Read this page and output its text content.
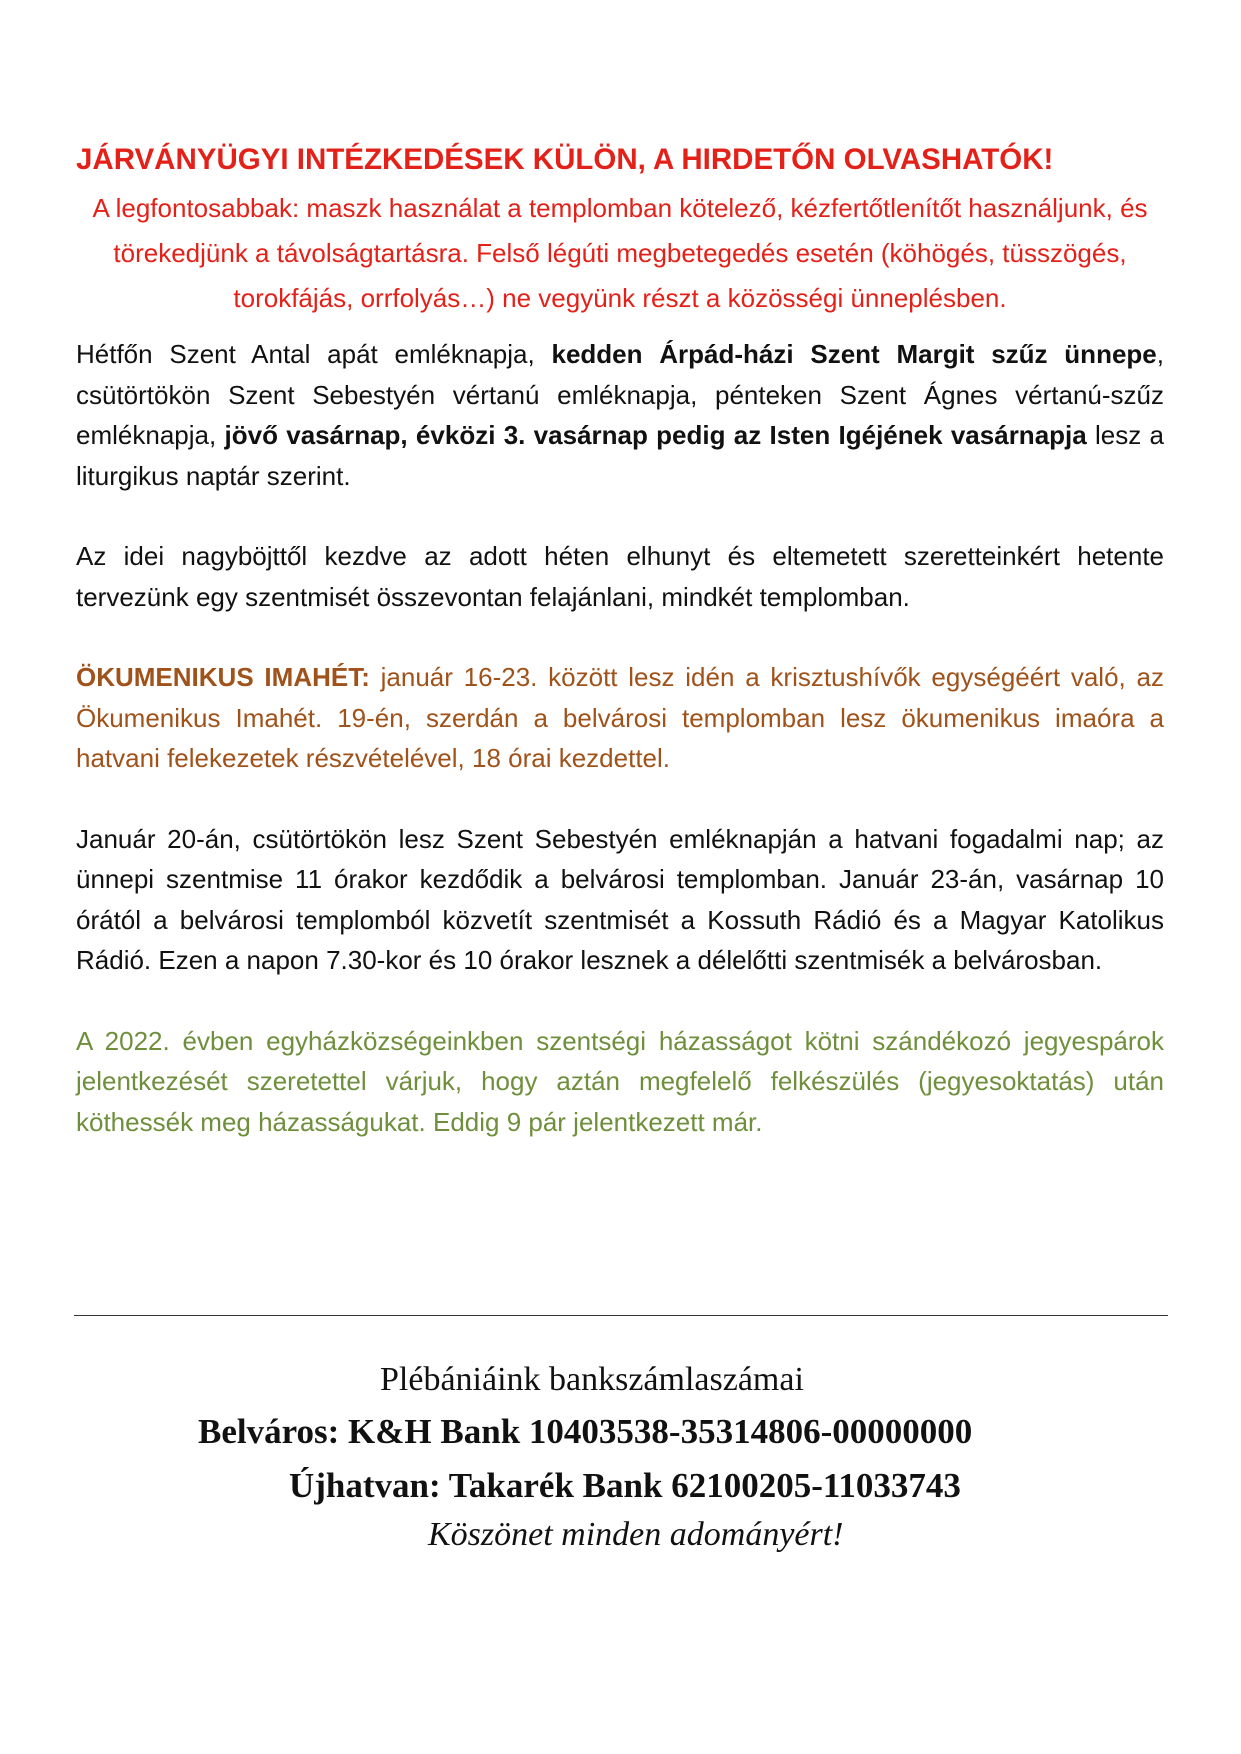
JÁRVÁNYÜGYI INTÉZKEDÉSEK KÜLÖN, A HIRDETŐN OLVASHATÓK!
A legfontosabbak: maszk használat a templomban kötelező, kézfertőtlenítőt használjunk, és törekedjünk a távolságtartásra. Felső légúti megbetegedés esetén (köhögés, tüsszögés, torokfájás, orrfolyás…) ne vegyünk részt a közösségi ünneplésben.
Hétfőn Szent Antal apát emléknapja, kedden Árpád-házi Szent Margit szűz ünnepe, csütörtökön Szent Sebestyén vértanú emléknapja, pénteken Szent Ágnes vértanú-szűz emléknapja, jövő vasárnap, évközi 3. vasárnap pedig az Isten Igéjének vasárnapja lesz a liturgikus naptár szerint.
Az idei nagyböjttől kezdve az adott héten elhunyt és eltemetett szeretteinkért hetente tervezünk egy szentmisét összevontan felajánlani, mindkét templomban.
ÖKUMENIKUS IMAHÉT: január 16-23. között lesz idén a krisztushívők egységéért való, az Ökumenikus Imahét. 19-én, szerdán a belvárosi templomban lesz ökumenikus imaóra a hatvani felekezetek részvételével, 18 órai kezdettel.
Január 20-án, csütörtökön lesz Szent Sebestyén emléknapján a hatvani fogadalmi nap; az ünnepi szentmise 11 órakor kezdődik a belvárosi templomban. Január 23-án, vasárnap 10 órától a belvárosi templomból közvetít szentmisét a Kossuth Rádió és a Magyar Katolikus Rádió. Ezen a napon 7.30-kor és 10 órakor lesznek a délelőtti szentmisék a belvárosban.
A 2022. évben egyházközségeinkben szentségi házasságot kötni szándékozó jegyespárok jelentkezését szeretettel várjuk, hogy aztán megfelelő felkészülés (jegyesoktatás) után köthessék meg házasságukat. Eddig 9 pár jelentkezett már.
Plébániáink bankszámlaszámai
Belváros: K&H Bank 10403538-35314806-00000000
Újhatvan: Takarék Bank 62100205-11033743
Köszönet minden adományért!
